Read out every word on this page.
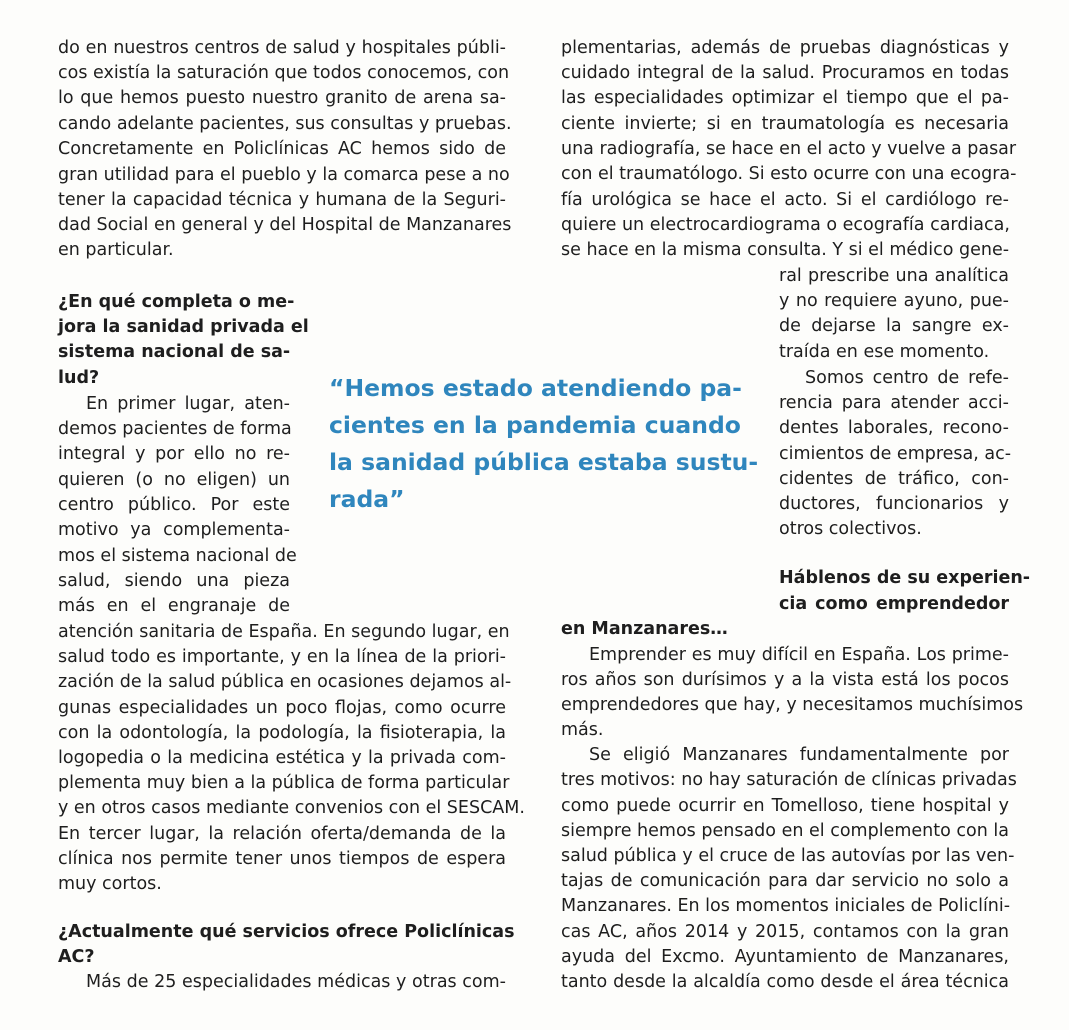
do en nuestros centros de salud y hospitales públi-
cos existía la saturación que todos conocemos, con
lo que hemos puesto nuestro granito de arena sa-
cando adelante pacientes, sus consultas y pruebas.
Concretamente en Policlínicas AC hemos sido de
gran utilidad para el pueblo y la comarca pese a no
tener la capacidad técnica y humana de la Seguri-
dad Social en general y del Hospital de Manzanares
en particular.
¿En qué completa o me-
jora la sanidad privada el
sistema nacional de sa-
lud?
En primer lugar, aten-
demos pacientes de forma
integral y por ello no re-
quieren (o no eligen) un
centro público. Por este
motivo ya complementa-
mos el sistema nacional de
salud, siendo una pieza
más en el engranaje de
atención sanitaria de España. En segundo lugar, en
salud todo es importante, y en la línea de la priori-
zación de la salud pública en ocasiones dejamos al-
gunas especialidades un poco flojas, como ocurre
con la odontología, la podología, la fisioterapia, la
logopedia o la medicina estética y la privada com-
plementa muy bien a la pública de forma particular
y en otros casos mediante convenios con el SESCAM.
En tercer lugar, la relación oferta/demanda de la
clínica nos permite tener unos tiempos de espera
muy cortos.
¿Actualmente qué servicios ofrece Policlínicas
AC?
Más de 25 especialidades médicas y otras com-
plementarias, además de pruebas diagnósticas y
cuidado integral de la salud. Procuramos en todas
las especialidades optimizar el tiempo que el pa-
ciente invierte; si en traumatología es necesaria
una radiografía, se hace en el acto y vuelve a pasar
con el traumatólogo. Si esto ocurre con una ecogra-
fía urológica se hace el acto. Si el cardiólogo re-
quiere un electrocardiograma o ecografía cardiaca,
se hace en la misma consulta. Y si el médico gene-
ral prescribe una analítica
y no requiere ayuno, pue-
de dejarse la sangre ex-
traída en ese momento.
Somos centro de refe-
rencia para atender acci-
dentes laborales, recono-
cimientos de empresa, ac-
cidentes de tráfico, con-
ductores, funcionarios y
otros colectivos.
Háblenos de su experien-
cia como emprendedor
en Manzanares…
Emprender es muy difícil en España. Los prime-
ros años son durísimos y a la vista está los pocos
emprendedores que hay, y necesitamos muchísimos
más.
Se eligió Manzanares fundamentalmente por
tres motivos: no hay saturación de clínicas privadas
como puede ocurrir en Tomelloso, tiene hospital y
siempre hemos pensado en el complemento con la
salud pública y el cruce de las autovías por las ven-
tajas de comunicación para dar servicio no solo a
Manzanares. En los momentos iniciales de Policlíni-
cas AC, años 2014 y 2015, contamos con la gran
ayuda del Excmo. Ayuntamiento de Manzanares,
tanto desde la alcaldía como desde el área técnica
“Hemos estado atendiendo pa-
cientes en la pandemia cuando
la sanidad pública estaba sustu-
rada”
